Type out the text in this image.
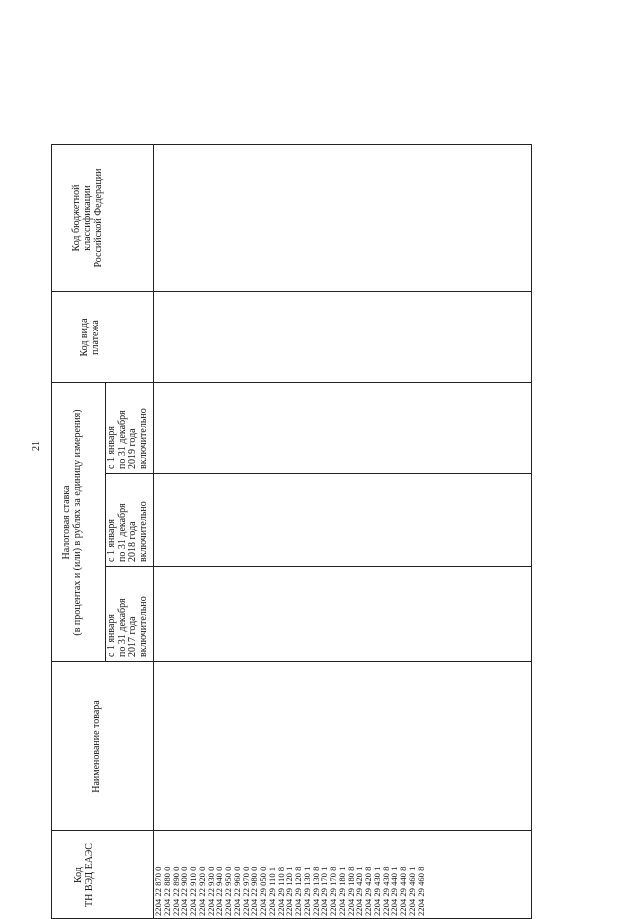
21
Код
ТН ВЭД ЕАЭС
Налоговая ставка
(в процентах и (или) в рублях за единицу измерения)
с 1 января
по 31 декабря
2017 года
включительно
с 1 января
по 31 декабря
2018 года
включительно
с 1 января
по 31 декабря
2019 года
включительно
Наименование товара
Код вида
платежа
Код бюджетной
классификации
Российской Федерации
2204 22 870 0
2204 22 880 0
2204 22 890 0
2204 22 900 0
2204 22 910 0
2204 22 920 0
2204 22 930 0
2204 22 940 0
2204 22 950 0
2204 22 960 0
2204 22 970 0
2204 22 980 0
2204 29 050 0
2204 29 110 1
2204 29 110 8
2204 29 120 1
2204 29 120 8
2204 29 130 1
2204 29 130 8
2204 29 170 1
2204 29 170 8
2204 29 180 1
2204 29 180 8
2204 29 420 1
2204 29 420 8
2204 29 430 1
2204 29 430 8
2204 29 440 1
2204 29 440 8
2204 29 460 1
2204 29 460 8
